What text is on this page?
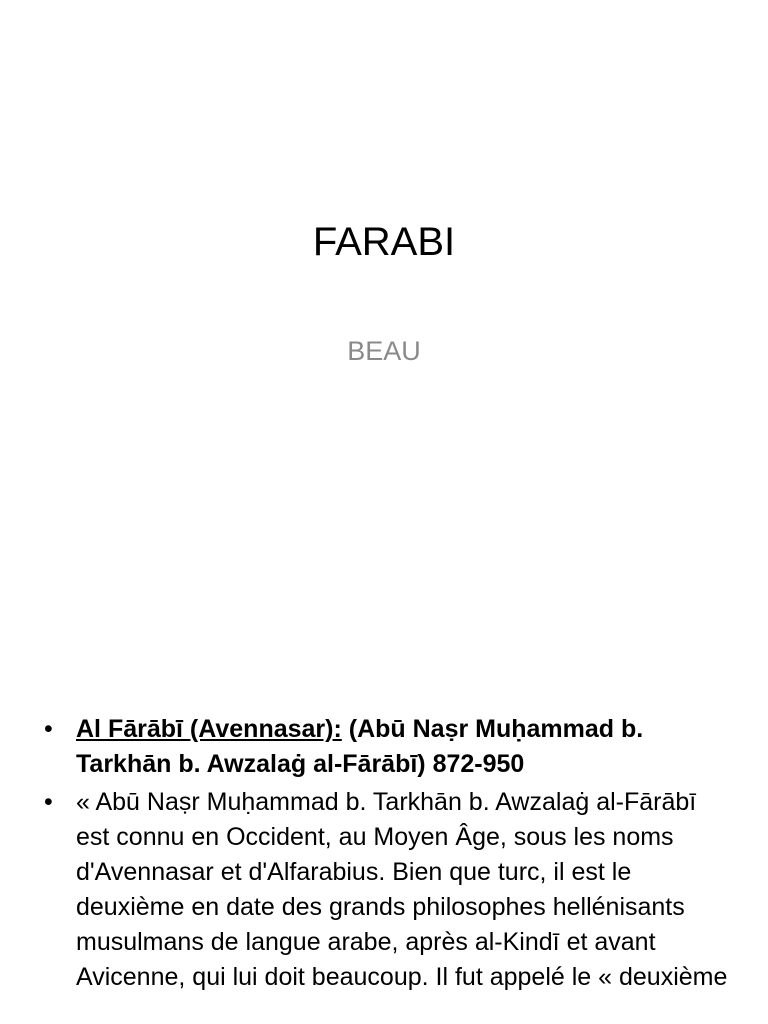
FARABI
BEAU
• Al Fārābī (Avennasar): (Abū Naṣr Muḥammad b. Tarkhān b. Awzalaġ al-Fārābī) 872-950
• « Abū Naṣr Muḥammad b. Tarkhān b. Awzalaġ al-Fārābī est connu en Occident, au Moyen Âge, sous les noms d'Avennasar et d'Alfarabius. Bien que turc, il est le deuxième en date des grands philosophes hellénisants musulmans de langue arabe, après al-Kindī et avant Avicenne, qui lui doit beaucoup. Il fut appelé le « deuxième
